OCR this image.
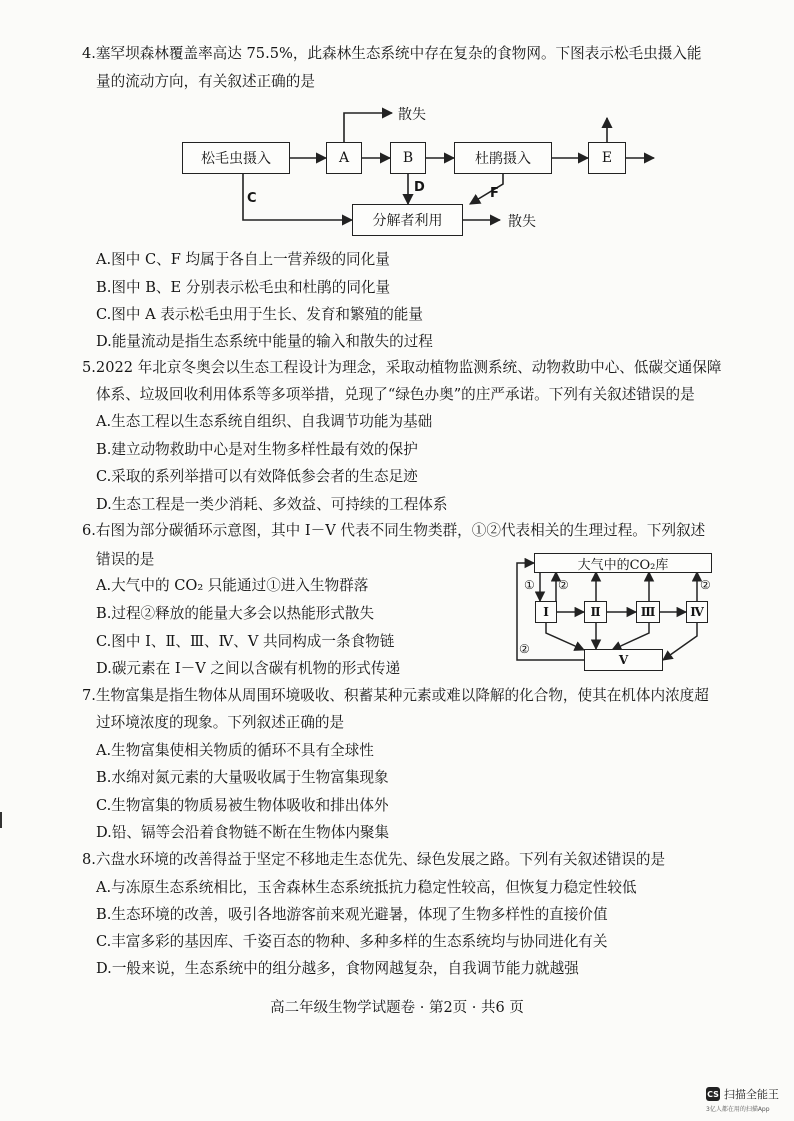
4.塞罕坝森林覆盖率高达 75.5%，此森林生态系统中存在复杂的食物网。下图表示松毛虫摄入能
量的流动方向，有关叙述正确的是
松毛虫摄入	A	B	杜鹃摄入	E
分解者利用
散失
散失
C
D	F
A.图中 C、F 均属于各自上一营养级的同化量
B.图中 B、E 分别表示松毛虫和杜鹃的同化量
C.图中 A 表示松毛虫用于生长、发育和繁殖的能量
D.能量流动是指生态系统中能量的输入和散失的过程
5.2022 年北京冬奥会以生态工程设计为理念，采取动植物监测系统、动物救助中心、低碳交通保障
体系、垃圾回收利用体系等多项举措，兑现了“绿色办奥”的庄严承诺。下列有关叙述错误的是
A.生态工程以生态系统自组织、自我调节功能为基础
B.建立动物救助中心是对生物多样性最有效的保护
C.采取的系列举措可以有效降低参会者的生态足迹
D.生态工程是一类少消耗、多效益、可持续的工程体系
6.右图为部分碳循环示意图，其中 Ⅰ－Ⅴ 代表不同生物类群，①②代表相关的生理过程。下列叙述
错误的是
A.大气中的 CO₂ 只能通过①进入生物群落
B.过程②释放的能量大多会以热能形式散失
C.图中 Ⅰ、Ⅱ、Ⅲ、Ⅳ、Ⅴ 共同构成一条食物链
D.碳元素在 Ⅰ－Ⅴ 之间以含碳有机物的形式传递
大气中的CO₂库
Ⅰ	Ⅱ	Ⅲ	Ⅳ
Ⅴ
① ②	②
②
7.生物富集是指生物体从周围环境吸收、积蓄某种元素或难以降解的化合物，使其在机体内浓度超
过环境浓度的现象。下列叙述正确的是
A.生物富集使相关物质的循环不具有全球性
B.水绵对氮元素的大量吸收属于生物富集现象
C.生物富集的物质易被生物体吸收和排出体外
D.铅、镉等会沿着食物链不断在生物体内聚集
8.六盘水环境的改善得益于坚定不移地走生态优先、绿色发展之路。下列有关叙述错误的是
A.与冻原生态系统相比，玉舍森林生态系统抵抗力稳定性较高，但恢复力稳定性较低
B.生态环境的改善，吸引各地游客前来观光避暑，体现了生物多样性的直接价值
C.丰富多彩的基因库、千姿百态的物种、多种多样的生态系统均与协同进化有关
D.一般来说，生态系统中的组分越多，食物网越复杂，自我调节能力就越强
高二年级生物学试题卷 · 第2页 · 共6 页
CS 扫描全能王
3亿人都在用的扫描App
